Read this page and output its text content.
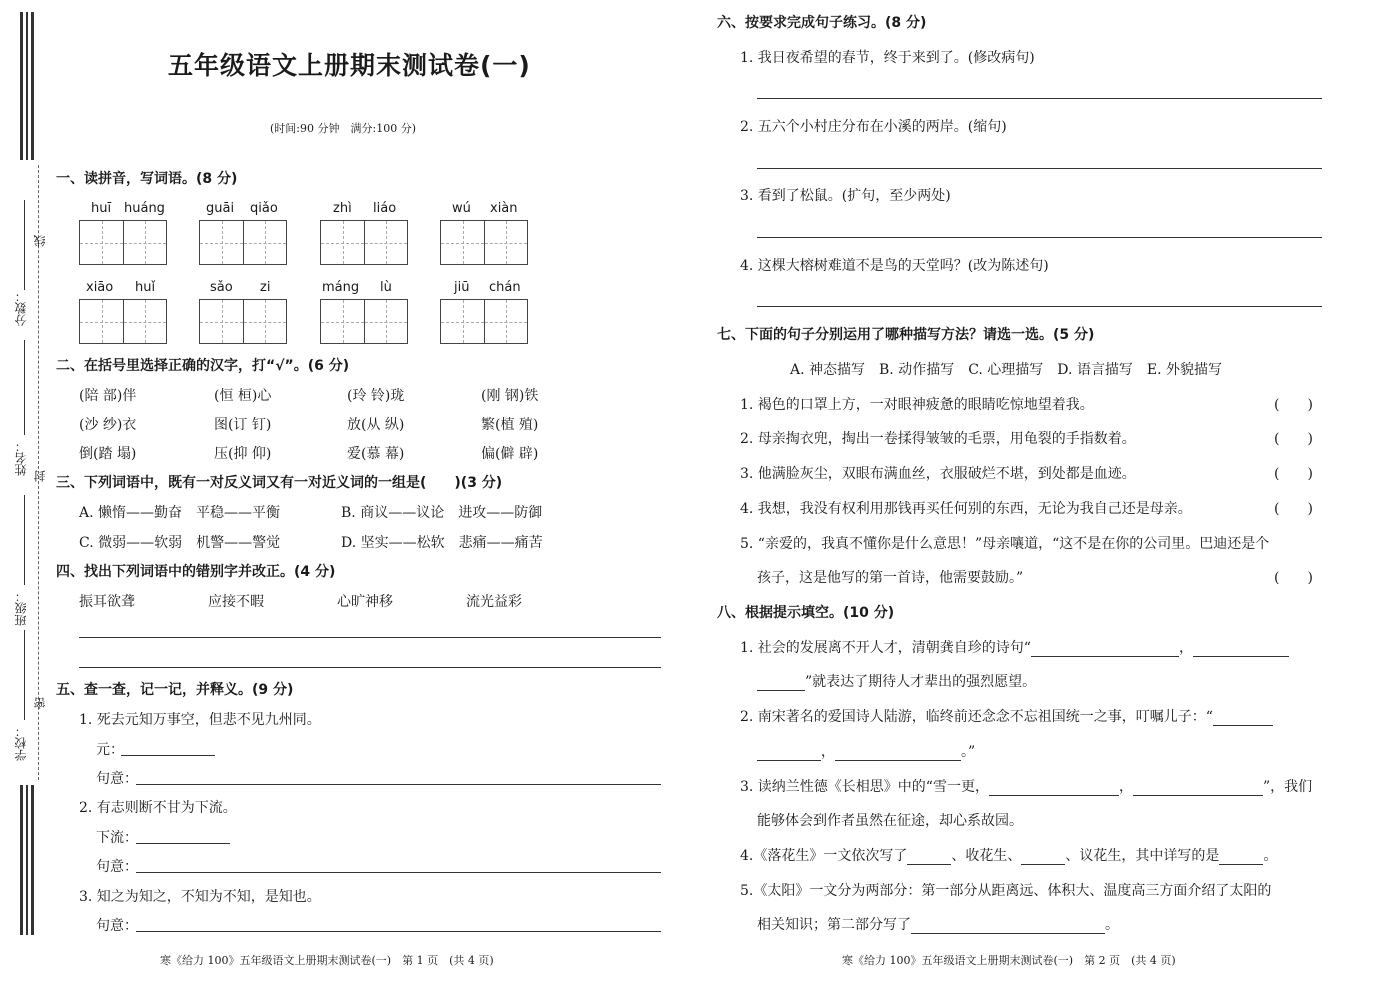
分数：
线
姓名： 封
班级：
学校：
密
五年级语文上册期末测试卷(一)
(时间:90 分钟　满分:100 分)
一、读拼音，写词语。(8 分)
huī huáng	guāi qiǎo	zhì liáo	wú xiàn
xiāo huǐ	sǎo zi	máng lù	jiū chán
二、在括号里选择正确的汉字，打“√”。(6 分)
(陪 部)伴	(恒 桓)心	(玲 铃)珑	(刚 钢)铁
(沙 纱)衣	图(订 钉)	放(从 纵)	繁(植 殖)
倒(踏 塌)	压(抑 仰)	爱(慕 幕)	偏(僻 辟)
三、下列词语中，既有一对反义词又有一对近义词的一组是(　　)(3 分)
A. 懒惰——勤奋　平稳——平衡	B. 商议——议论　进攻——防御
C. 微弱——软弱　机警——警觉	D. 坚实——松软　悲痛——痛苦
四、找出下列词语中的错别字并改正。(4 分)
振耳欲聋	应接不暇	心旷神移	流光益彩
五、查一查，记一记，并释义。(9 分)
1. 死去元知万事空，但悲不见九州同。
元：
句意：
2. 有志则断不甘为下流。
下流：
句意：
3. 知之为知之，不知为不知，是知也。
句意：
寒《给力 100》五年级语文上册期末测试卷(一)　第 1 页　(共 4 页)
六、按要求完成句子练习。(8 分)
1. 我日夜希望的春节，终于来到了。(修改病句)
2. 五六个小村庄分布在小溪的两岸。(缩句)
3. 看到了松鼠。(扩句，至少两处)
4. 这棵大榕树难道不是鸟的天堂吗？(改为陈述句)
七、下面的句子分别运用了哪种描写方法？请选一选。(5 分)
A. 神态描写　B. 动作描写　C. 心理描写　D. 语言描写　E. 外貌描写
1. 褐色的口罩上方，一对眼神疲惫的眼睛吃惊地望着我。	(　　)
2. 母亲掏衣兜，掏出一卷揉得皱皱的毛票，用龟裂的手指数着。	(　　)
3. 他满脸灰尘，双眼布满血丝，衣服破烂不堪，到处都是血迹。	(　　)
4. 我想，我没有权利用那钱再买任何别的东西，无论为我自己还是母亲。	(　　)
5. “亲爱的，我真不懂你是什么意思！”母亲嚷道，“这不是在你的公司里。巴迪还是个
孩子，这是他写的第一首诗，他需要鼓励。”	(　　)
八、根据提示填空。(10 分)
1. 社会的发展离不开人才，清朝龚自珍的诗句“	，
”就表达了期待人才辈出的强烈愿望。
2. 南宋著名的爱国诗人陆游，临终前还念念不忘祖国统一之事，叮嘱儿子：“
，	。”
3. 读纳兰性德《长相思》中的“雪一更，	，	”，我们
能够体会到作者虽然在征途，却心系故园。
4.《落花生》一文依次写了	、收花生、	、议花生，其中详写的是	。
5.《太阳》一文分为两部分：第一部分从距离远、体积大、温度高三方面介绍了太阳的
相关知识；第二部分写了	。
寒《给力 100》五年级语文上册期末测试卷(一)　第 2 页　(共 4 页)
